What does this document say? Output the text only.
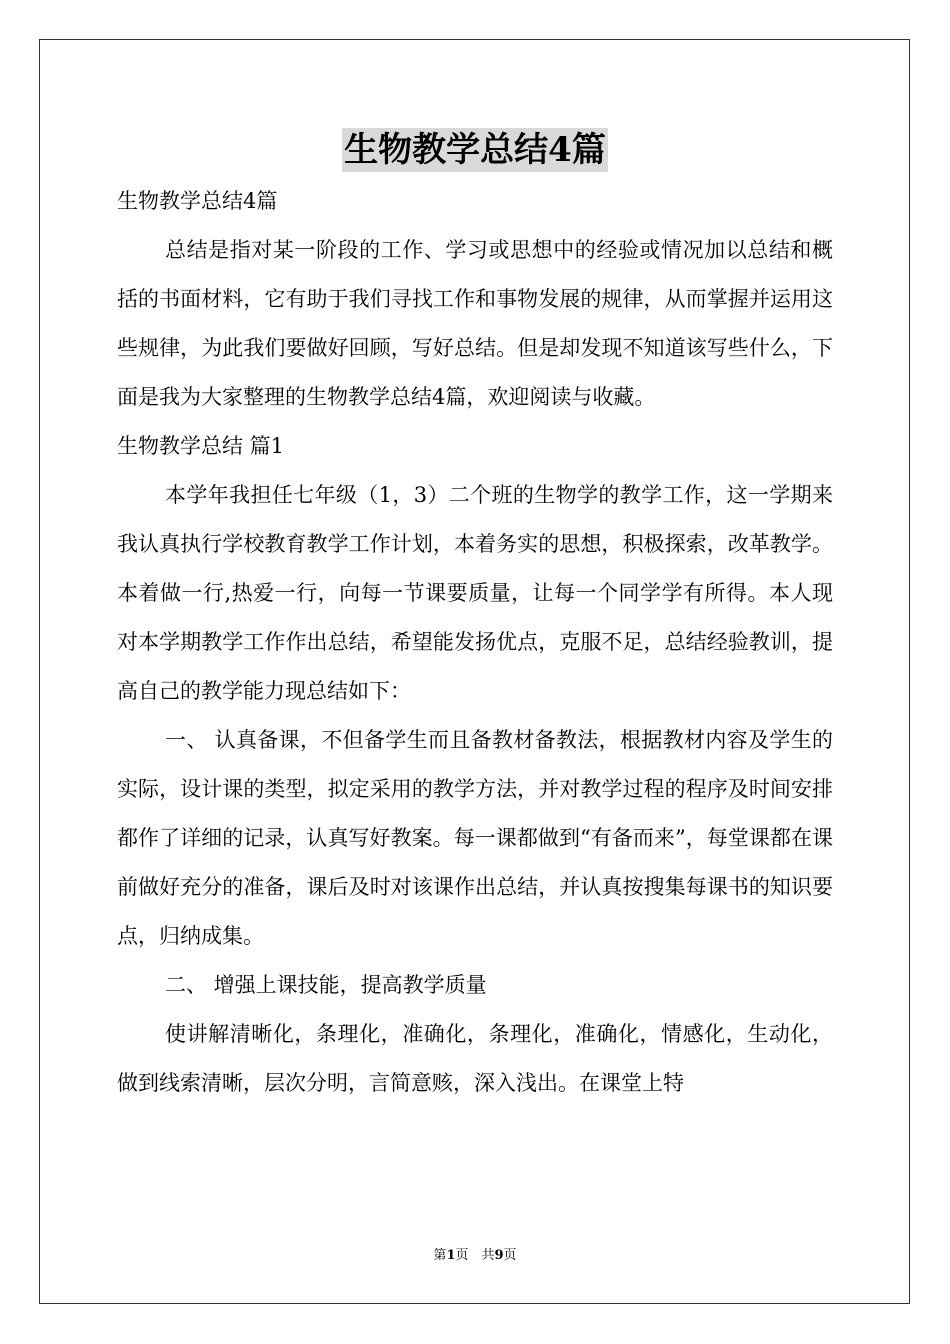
生物教学总结4篇

生物教学总结4篇

总结是指对某一阶段的工作、学习或思想中的经验或情况加以总结和概括的书面材料，它有助于我们寻找工作和事物发展的规律，从而掌握并运用这些规律，为此我们要做好回顾，写好总结。但是却发现不知道该写些什么，下面是我为大家整理的生物教学总结4篇，欢迎阅读与收藏。

生物教学总结 篇1

本学年我担任七年级（1，3）二个班的生物学的教学工作，这一学期来我认真执行学校教育教学工作计划，本着务实的思想，积极探索，改革教学。本着做一行,热爱一行，向每一节课要质量，让每一个同学学有所得。本人现对本学期教学工作作出总结，希望能发扬优点，克服不足，总结经验教训，提高自己的教学能力现总结如下：

一、 认真备课，不但备学生而且备教材备教法，根据教材内容及学生的实际，设计课的类型，拟定采用的教学方法，并对教学过程的程序及时间安排都作了详细的记录，认真写好教案。每一课都做到“有备而来”，每堂课都在课前做好充分的准备，课后及时对该课作出总结，并认真按搜集每课书的知识要点，归纳成集。

二、 增强上课技能，提高教学质量

使讲解清晰化，条理化，准确化，条理化，准确化，情感化，生动化，做到线索清晰，层次分明，言简意赅，深入浅出。在课堂上特

第1页　共9页
